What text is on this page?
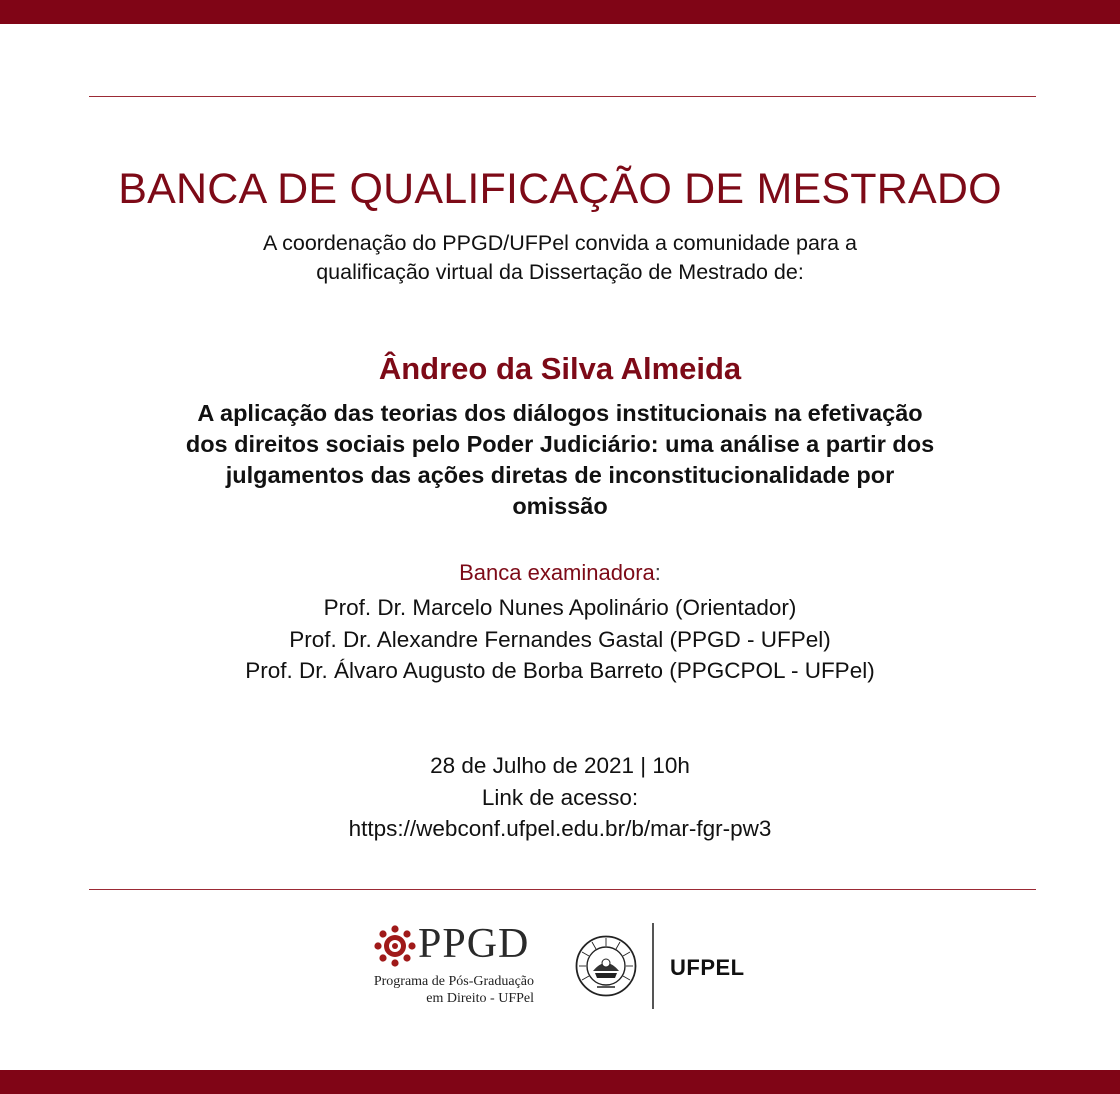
BANCA DE QUALIFICAÇÃO DE MESTRADO
A coordenação do PPGD/UFPel convida a comunidade para a
qualificação virtual da Dissertação de Mestrado de:
Ândreo da Silva Almeida
A aplicação das teorias dos diálogos institucionais na efetivação
dos direitos sociais pelo Poder Judiciário: uma análise a partir dos
julgamentos das ações diretas de inconstitucionalidade por
omissão
Banca examinadora:
Prof. Dr. Marcelo Nunes Apolinário (Orientador)
Prof. Dr. Alexandre Fernandes Gastal (PPGD - UFPel)
Prof. Dr. Álvaro Augusto de Borba Barreto (PPGCPOL - UFPel)
28 de Julho de 2021 | 10h
Link de acesso:
https://webconf.ufpel.edu.br/b/mar-fgr-pw3
PPGD
Programa de Pós-Graduação
em Direito - UFPel
UFPEL
